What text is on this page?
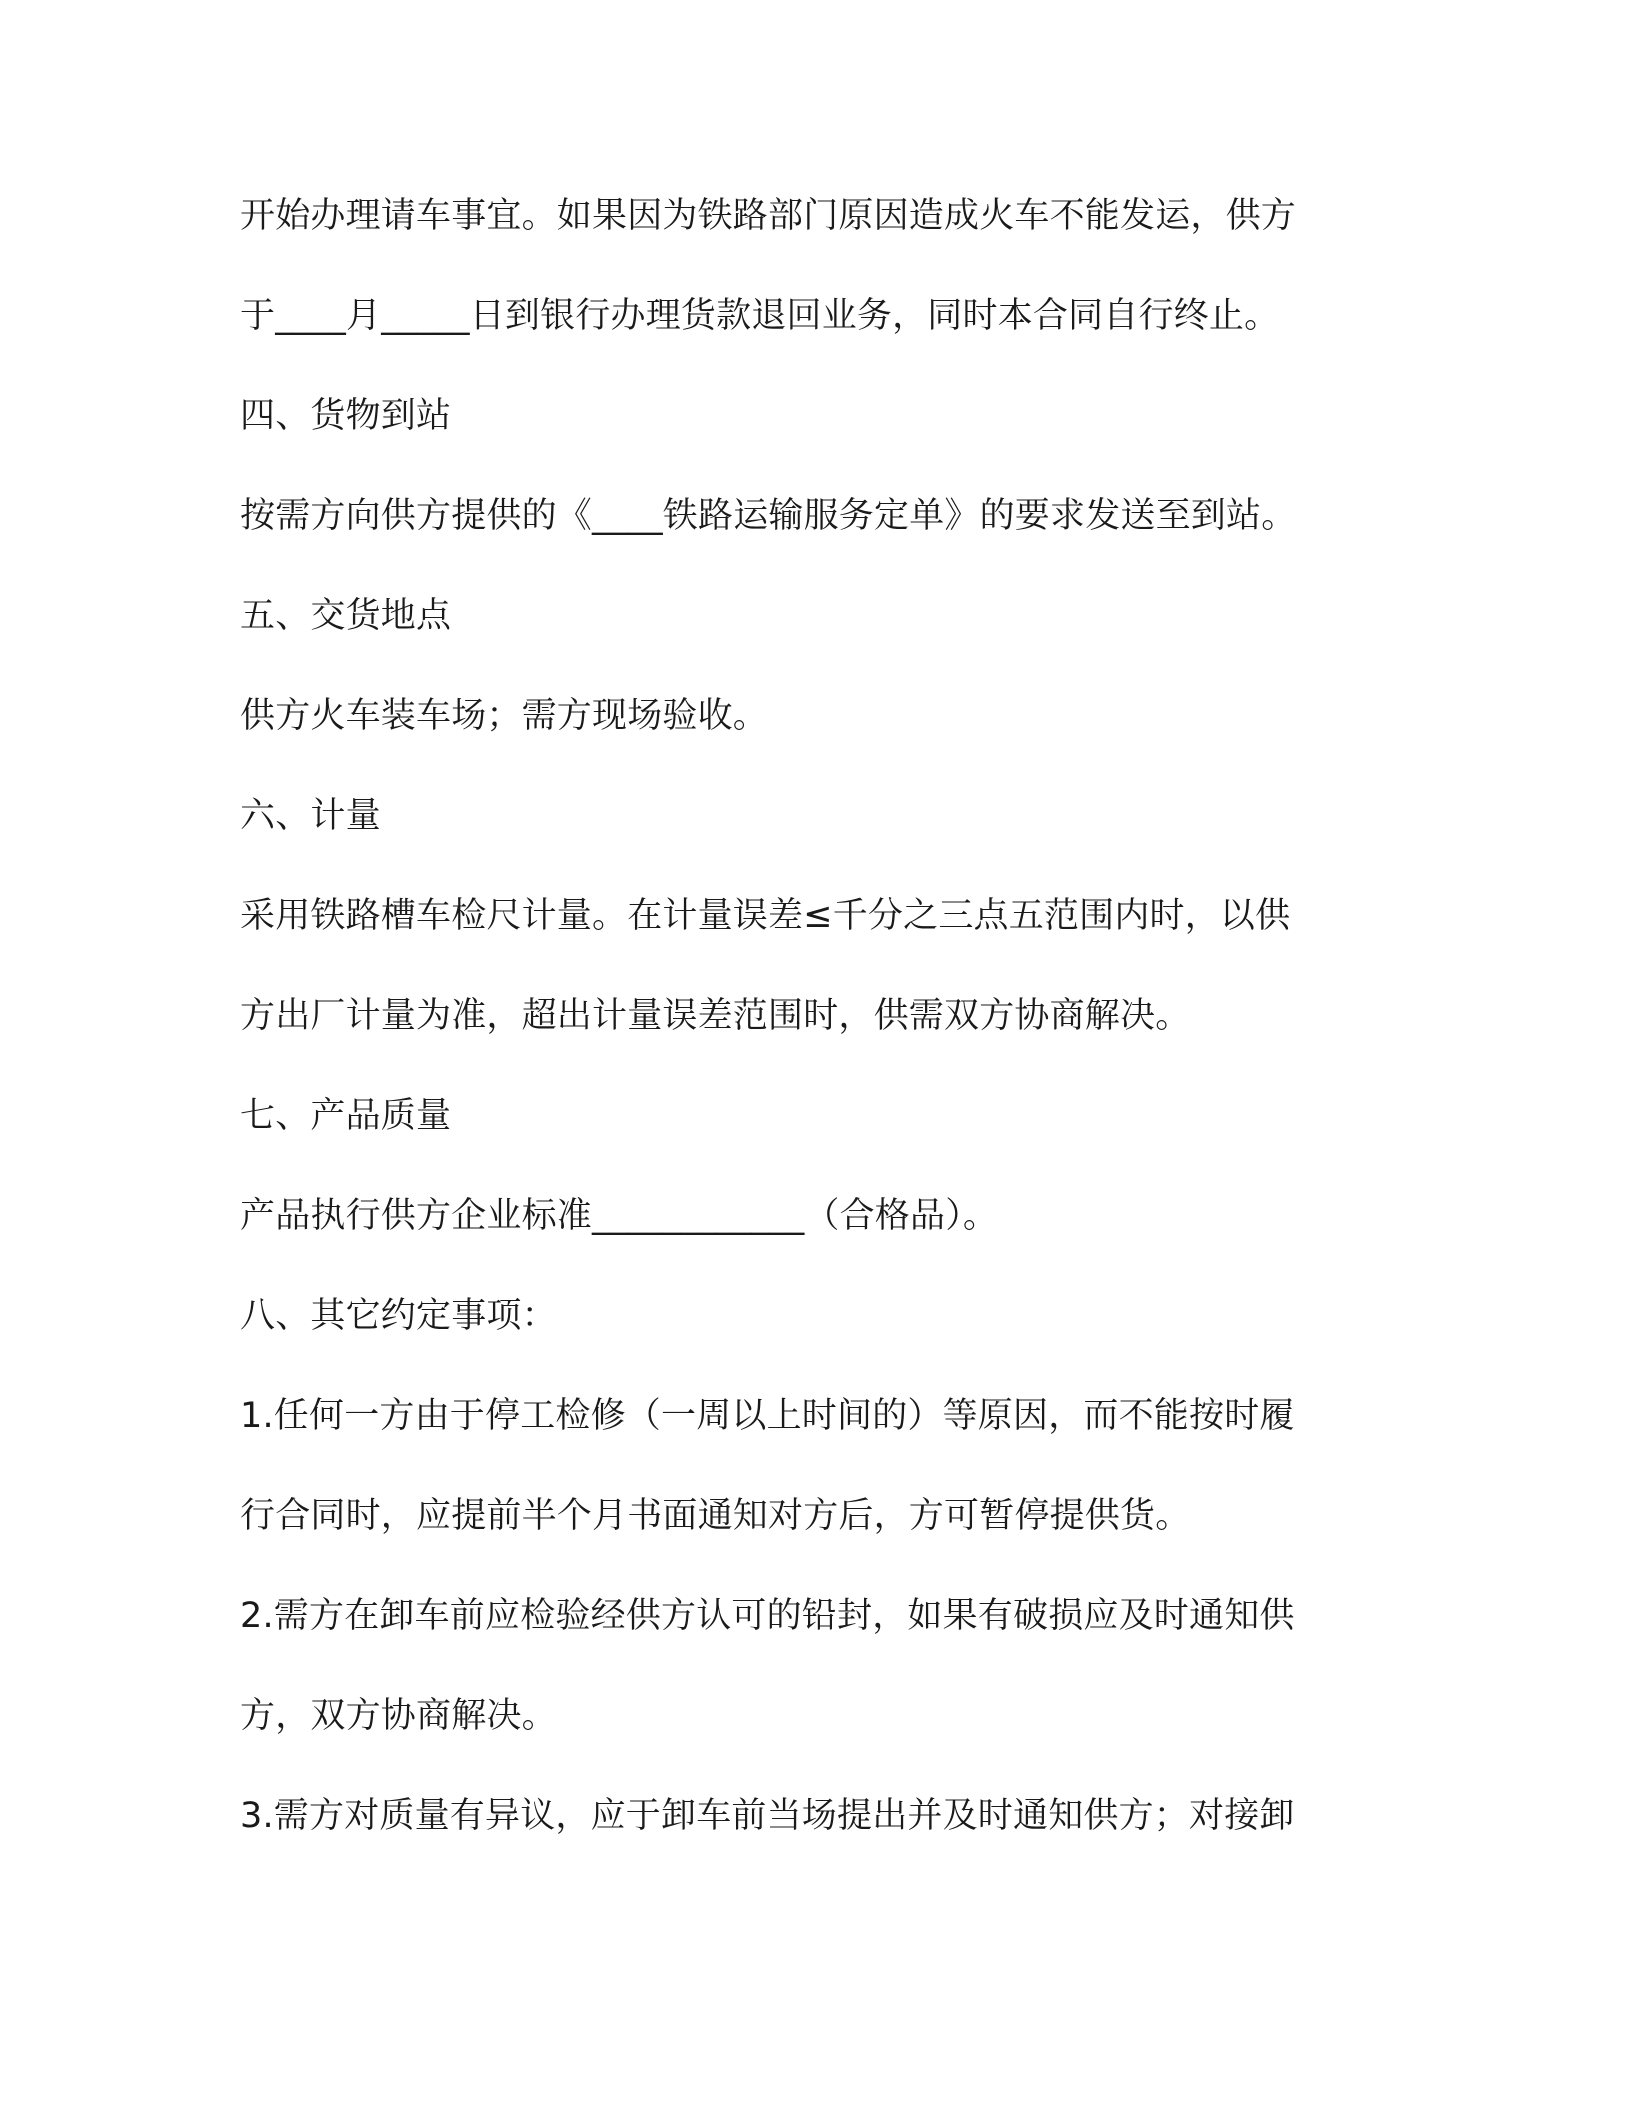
开始办理请车事宜。如果因为铁路部门原因造成火车不能发运，供方
于____月_____日到银行办理货款退回业务，同时本合同自行终止。
四、货物到站
按需方向供方提供的《____铁路运输服务定单》的要求发送至到站。
五、交货地点
供方火车装车场；需方现场验收。
六、计量
采用铁路槽车检尺计量。在计量误差≤千分之三点五范围内时，以供
方出厂计量为准，超出计量误差范围时，供需双方协商解决。
七、产品质量
产品执行供方企业标准____________（合格品）。
八、其它约定事项：
1.任何一方由于停工检修（一周以上时间的）等原因，而不能按时履
行合同时，应提前半个月书面通知对方后，方可暂停提供货。
2.需方在卸车前应检验经供方认可的铅封，如果有破损应及时通知供
方，双方协商解决。
3.需方对质量有异议，应于卸车前当场提出并及时通知供方；对接卸
